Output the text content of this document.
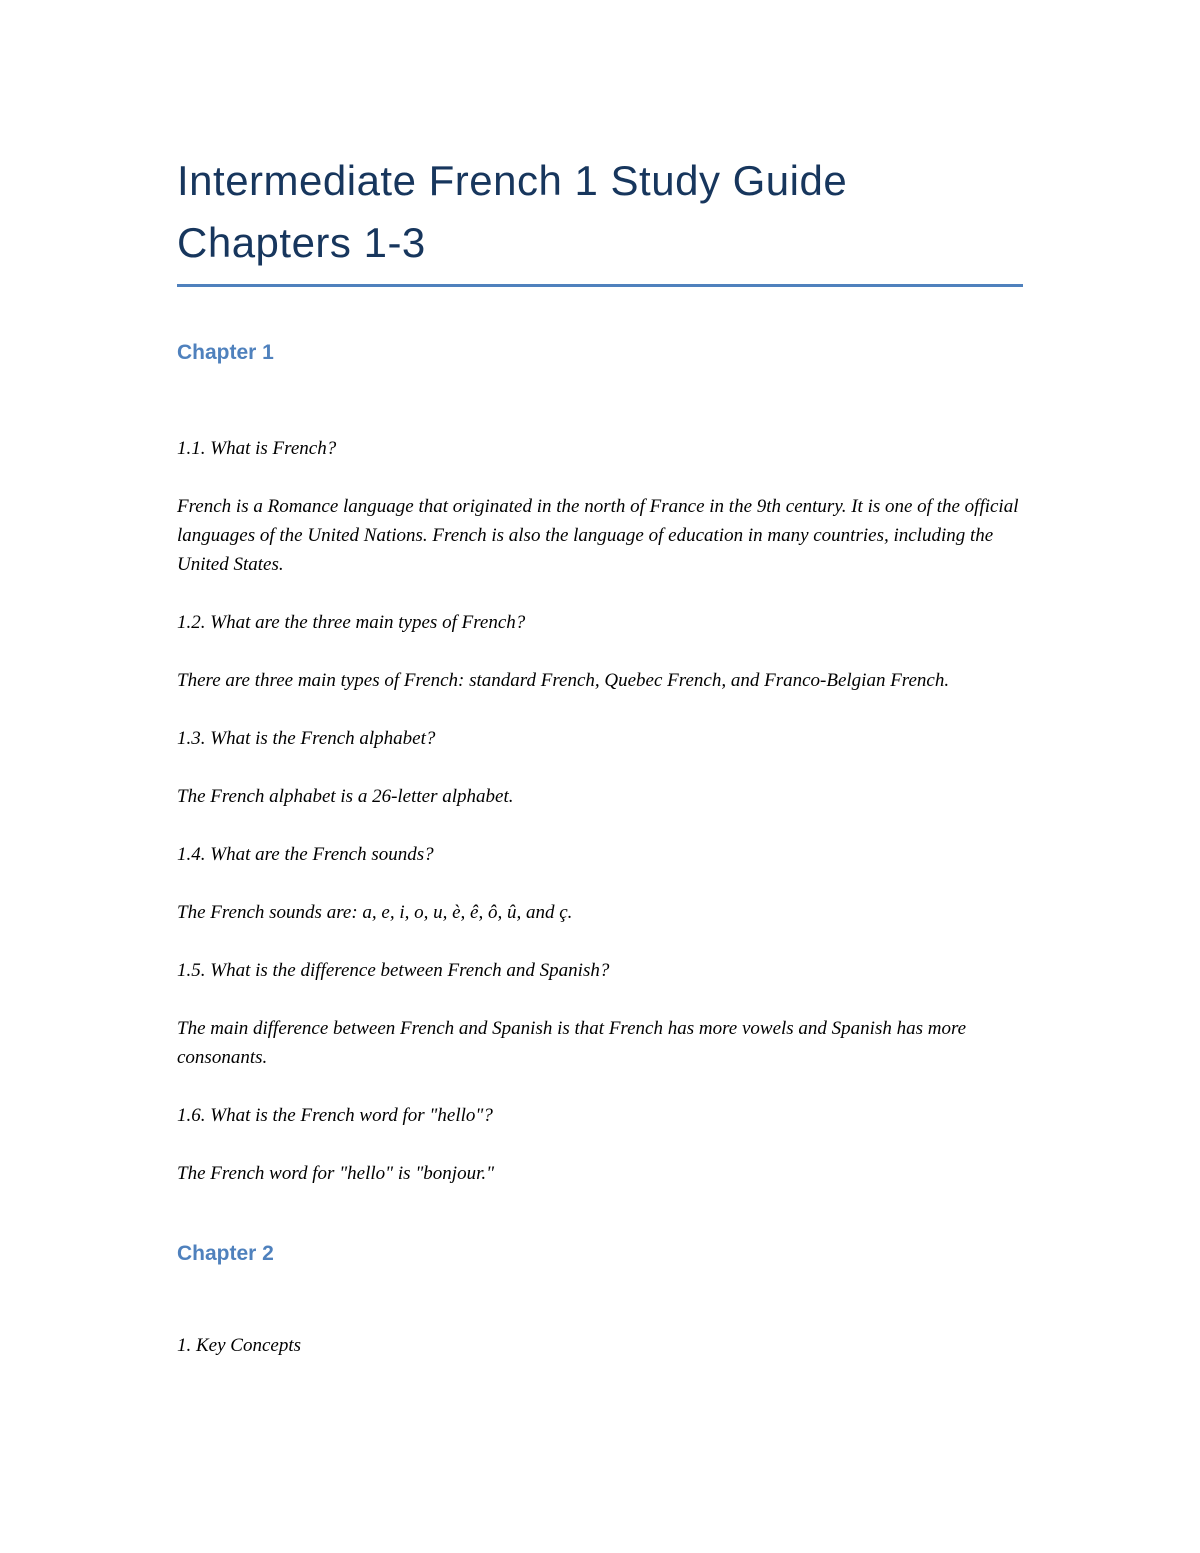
Intermediate French 1 Study Guide
Chapters 1-3
Chapter 1

1.1. What is French?

French is a Romance language that originated in the north of France in the 9th century. It is one of the official languages of the United Nations. French is also the language of education in many countries, including the United States.

1.2. What are the three main types of French?

There are three main types of French: standard French, Quebec French, and Franco-Belgian French.

1.3. What is the French alphabet?

The French alphabet is a 26-letter alphabet.

1.4. What are the French sounds?

The French sounds are: a, e, i, o, u, è, ê, ô, û, and ç.

1.5. What is the difference between French and Spanish?

The main difference between French and Spanish is that French has more vowels and Spanish has more consonants.

1.6. What is the French word for "hello"?

The French word for "hello" is "bonjour."

Chapter 2

1. Key Concepts
